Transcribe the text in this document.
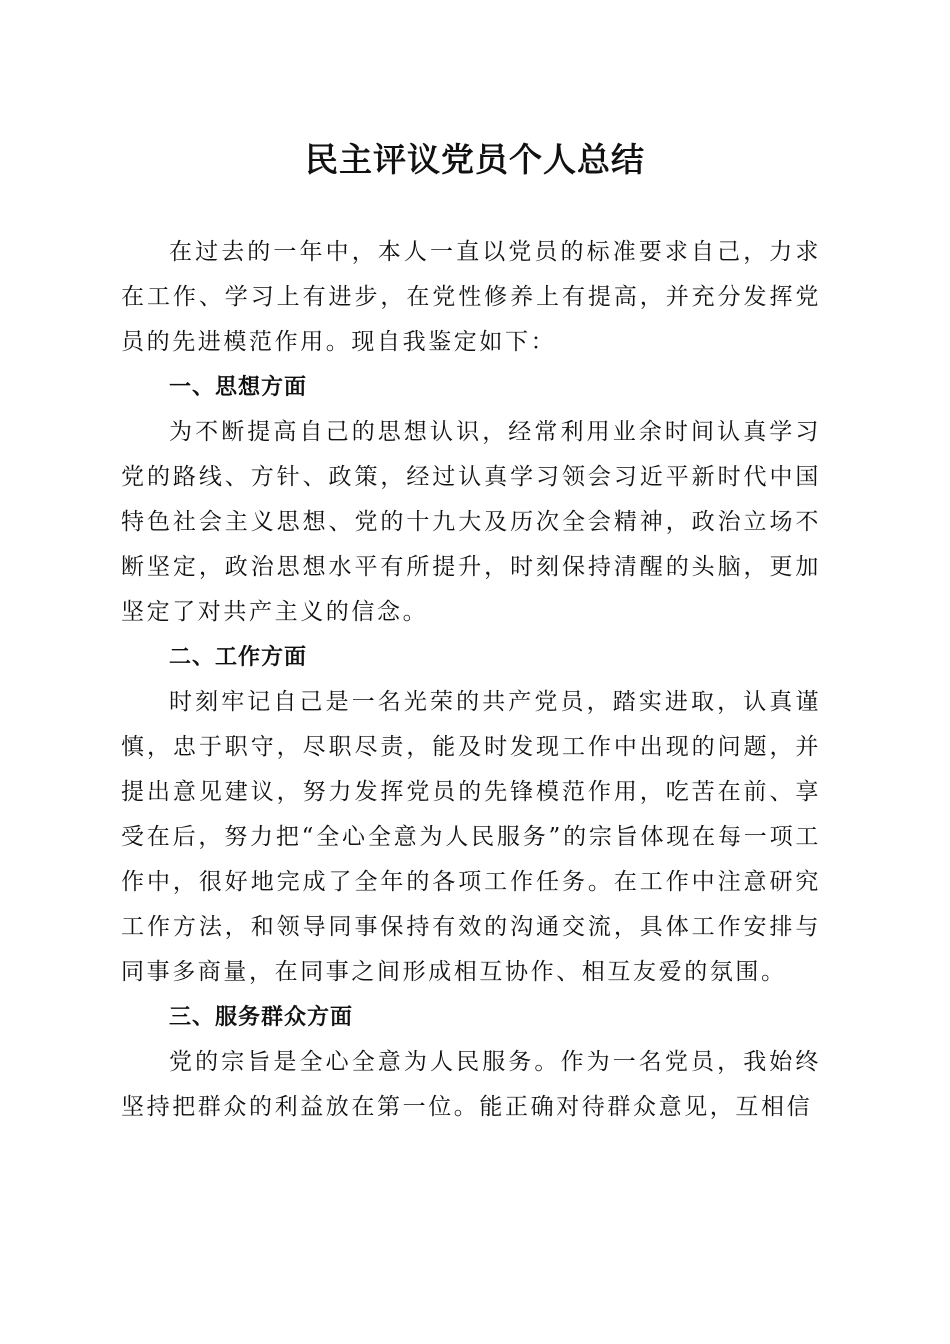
民主评议党员个人总结

在过去的一年中，本人一直以党员的标准要求自己，力求在工作、学习上有进步，在党性修养上有提高，并充分发挥党员的先进模范作用。现自我鉴定如下：

一、思想方面

为不断提高自己的思想认识，经常利用业余时间认真学习党的路线、方针、政策，经过认真学习领会习近平新时代中国特色社会主义思想、党的十九大及历次全会精神，政治立场不断坚定，政治思想水平有所提升，时刻保持清醒的头脑，更加坚定了对共产主义的信念。

二、工作方面

时刻牢记自己是一名光荣的共产党员，踏实进取，认真谨慎，忠于职守，尽职尽责，能及时发现工作中出现的问题，并提出意见建议，努力发挥党员的先锋模范作用，吃苦在前、享受在后，努力把“全心全意为人民服务”的宗旨体现在每一项工作中，很好地完成了全年的各项工作任务。在工作中注意研究工作方法，和领导同事保持有效的沟通交流，具体工作安排与同事多商量，在同事之间形成相互协作、相互友爱的氛围。

三、服务群众方面

党的宗旨是全心全意为人民服务。作为一名党员，我始终坚持把群众的利益放在第一位。能正确对待群众意见，互相信
